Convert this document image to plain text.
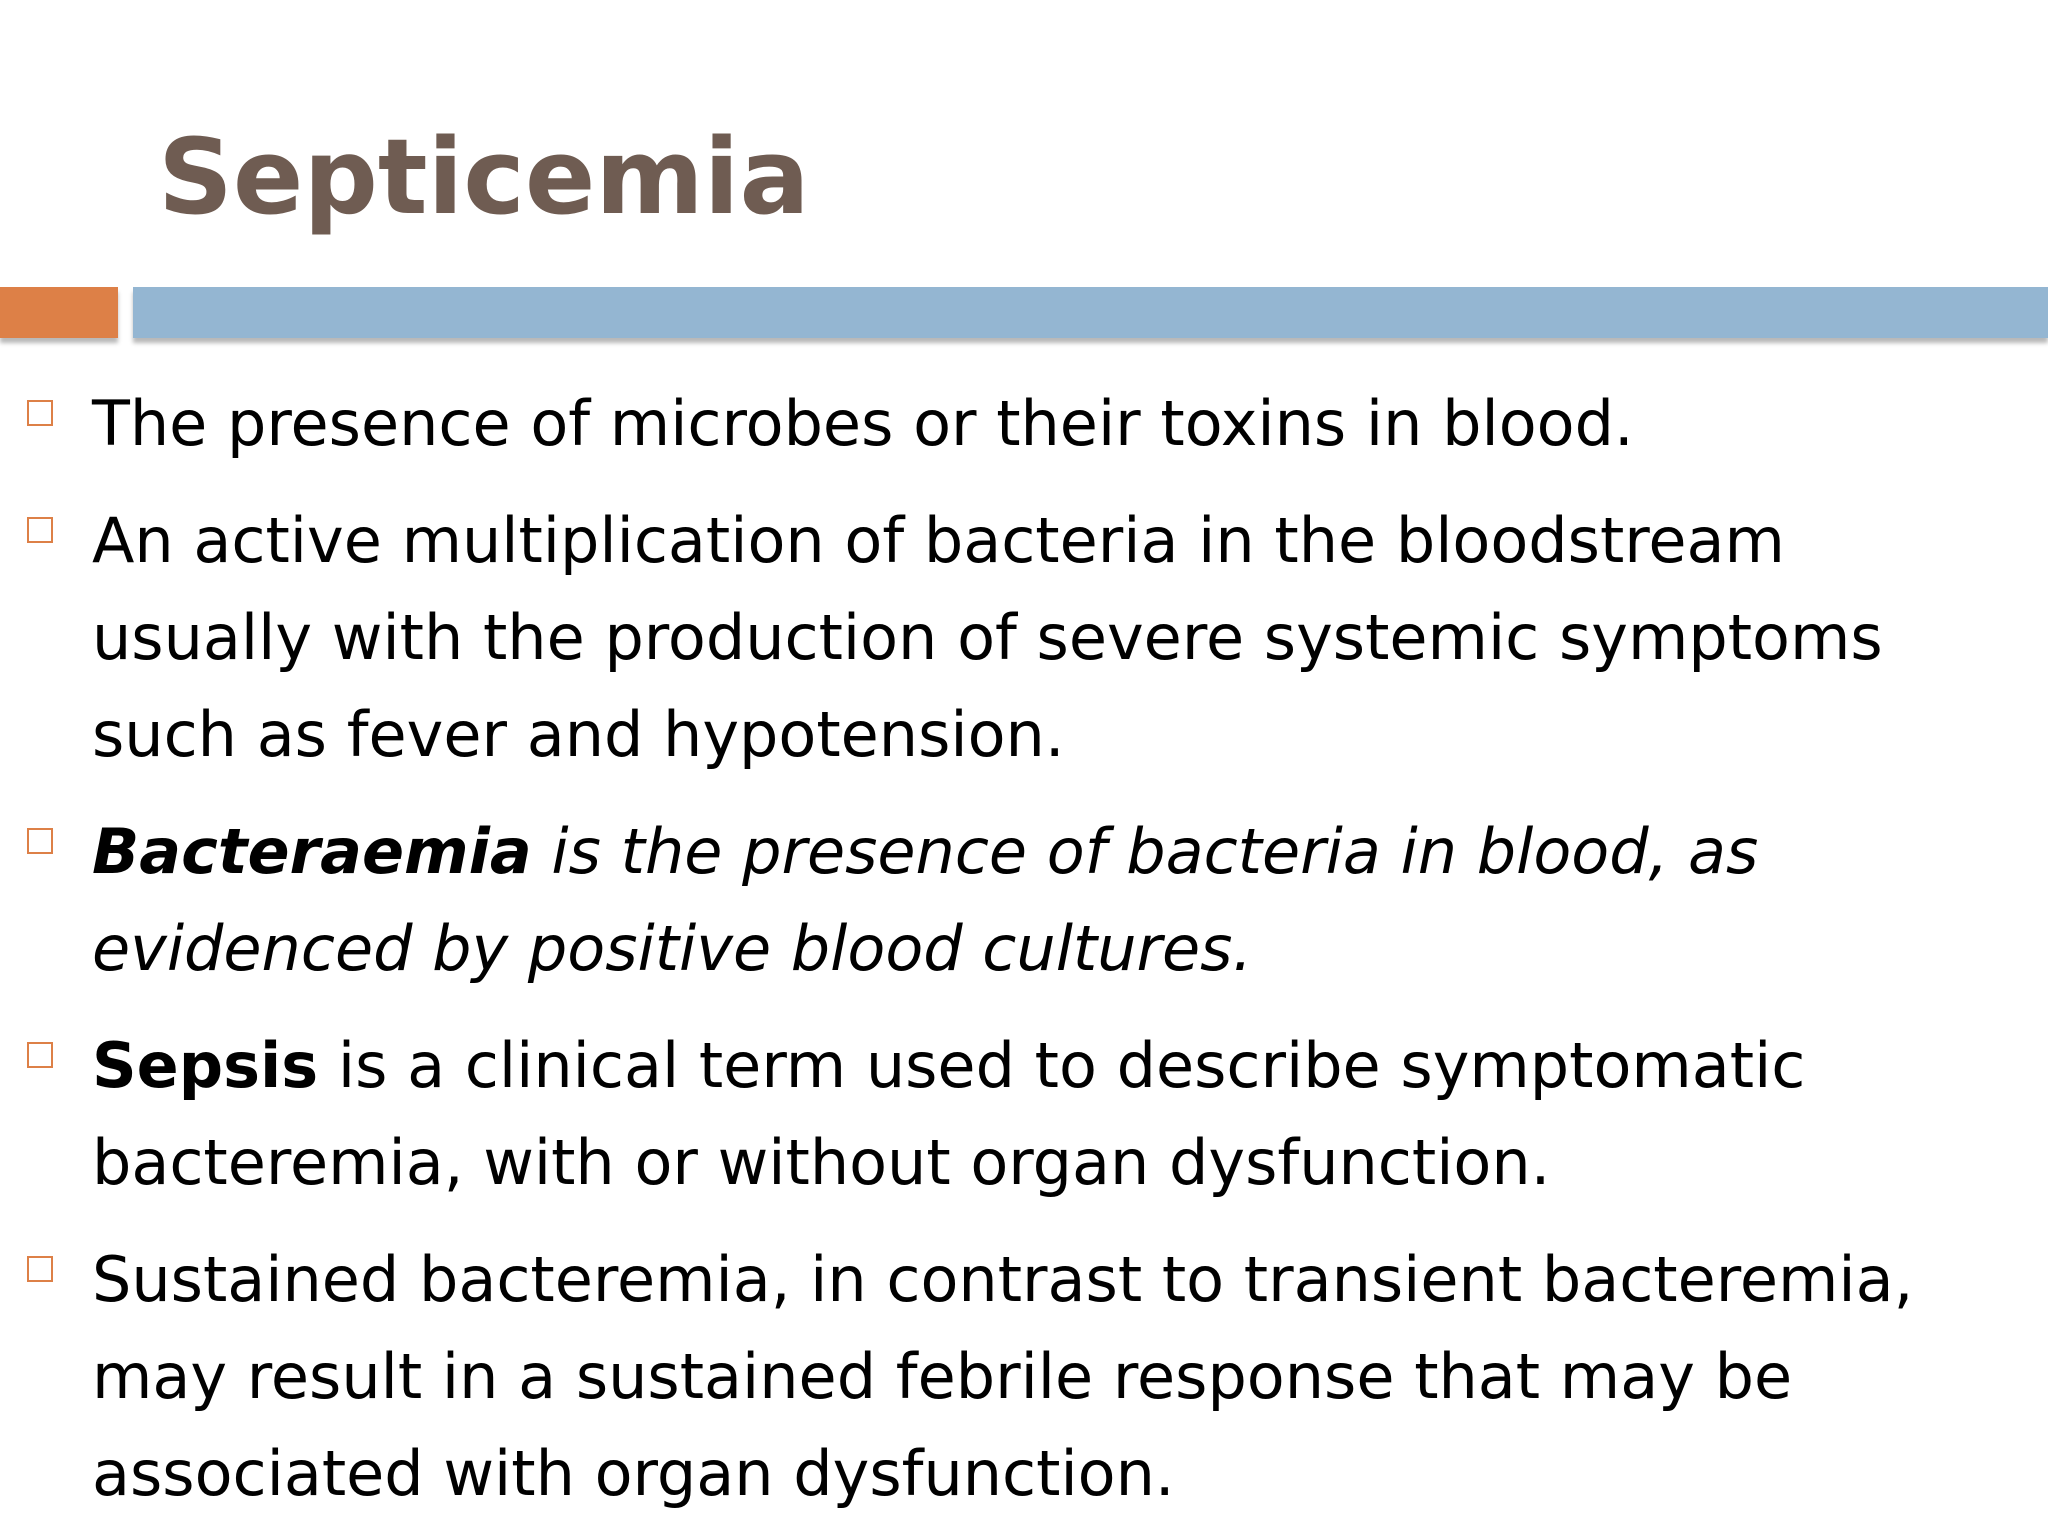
Septicemia
The presence of microbes or their toxins in blood.
An active multiplication of bacteria in the bloodstream usually with the production of severe systemic symptoms such as fever and hypotension.
Bacteraemia is the presence of bacteria in blood, as evidenced by positive blood cultures.
Sepsis is a clinical term used to describe symptomatic bacteremia, with or without organ dysfunction.
Sustained bacteremia, in contrast to transient bacteremia, may result in a sustained febrile response that may be associated with organ dysfunction.
